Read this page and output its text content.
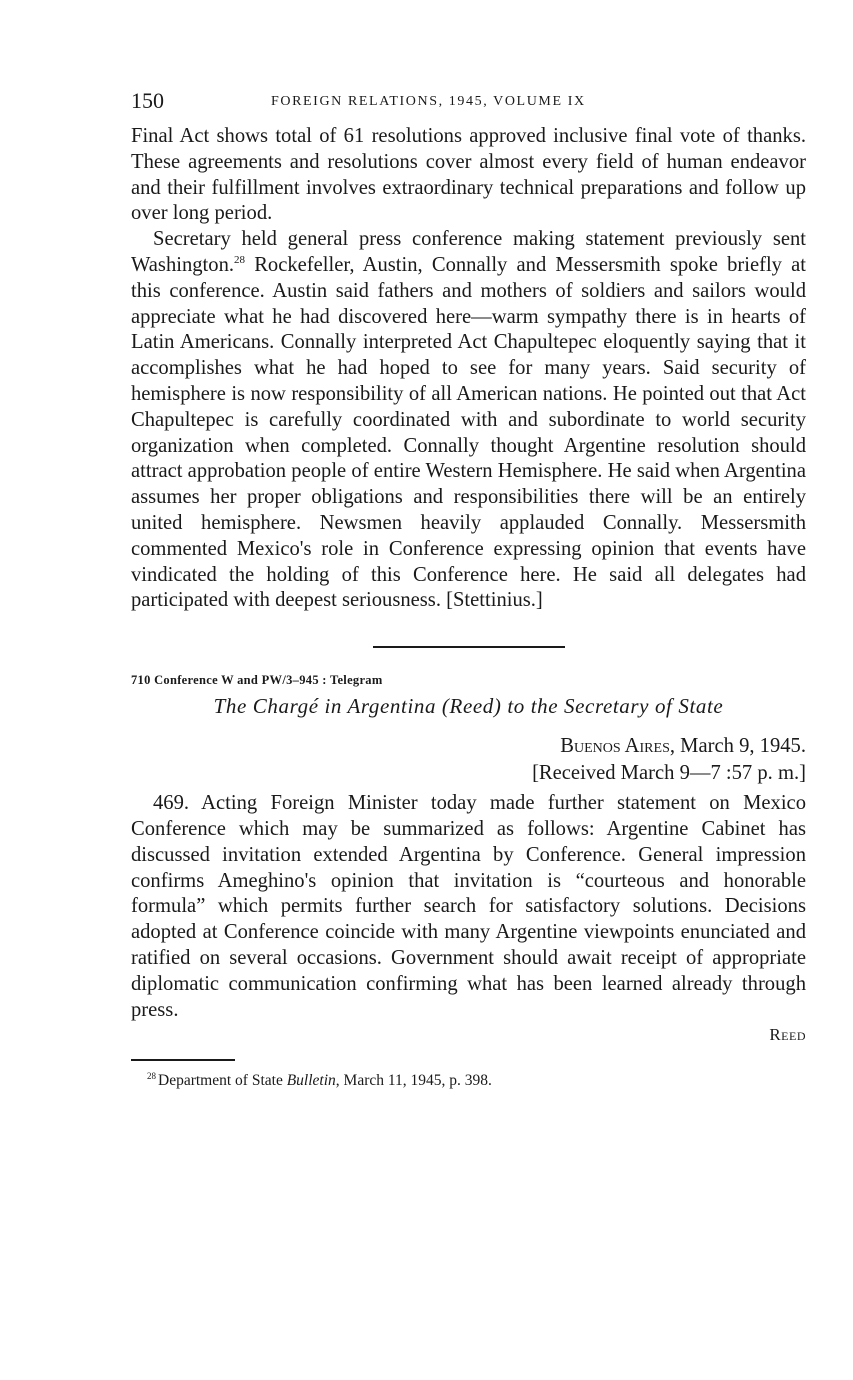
150	FOREIGN RELATIONS, 1945, VOLUME IX

Final Act shows total of 61 resolutions approved inclusive final vote of thanks. These agreements and resolutions cover almost every field of human endeavor and their fulfillment involves extraordinary technical preparations and follow up over long period.

Secretary held general press conference making statement previously sent Washington.$^{28}$ Rockefeller, Austin, Connally and Messersmith spoke briefly at this conference. Austin said fathers and mothers of soldiers and sailors would appreciate what he had discovered here—warm sympathy there is in hearts of Latin Americans. Connally interpreted Act Chapultepec eloquently saying that it accomplishes what he had hoped to see for many years. Said security of hemisphere is now responsibility of all American nations. He pointed out that Act Chapultepec is carefully coordinated with and subordinate to world security organization when completed. Connally thought Argentine resolution should attract approbation people of entire Western Hemisphere. He said when Argentina assumes her proper obligations and responsibilities there will be an entirely united hemisphere. Newsmen heavily applauded Connally. Messersmith commented Mexico's role in Conference expressing opinion that events have vindicated the holding of this Conference here. He said all delegates had participated with deepest seriousness. [Stettinius.]

710 Conference W and PW/3–945 : Telegram
The Chargé in Argentina (Reed) to the Secretary of State
Buenos Aires, March 9, 1945.
[Received March 9—7 :57 p. m.]

469. Acting Foreign Minister today made further statement on Mexico Conference which may be summarized as follows: Argentine Cabinet has discussed invitation extended Argentina by Conference. General impression confirms Ameghino's opinion that invitation is “courteous and honorable formula” which permits further search for satisfactory solutions. Decisions adopted at Conference coincide with many Argentine viewpoints enunciated and ratified on several occasions. Government should await receipt of appropriate diplomatic communication confirming what has been learned already through press.

Reed
$^{28}$ Department of State Bulletin, March 11, 1945, p. 398.
